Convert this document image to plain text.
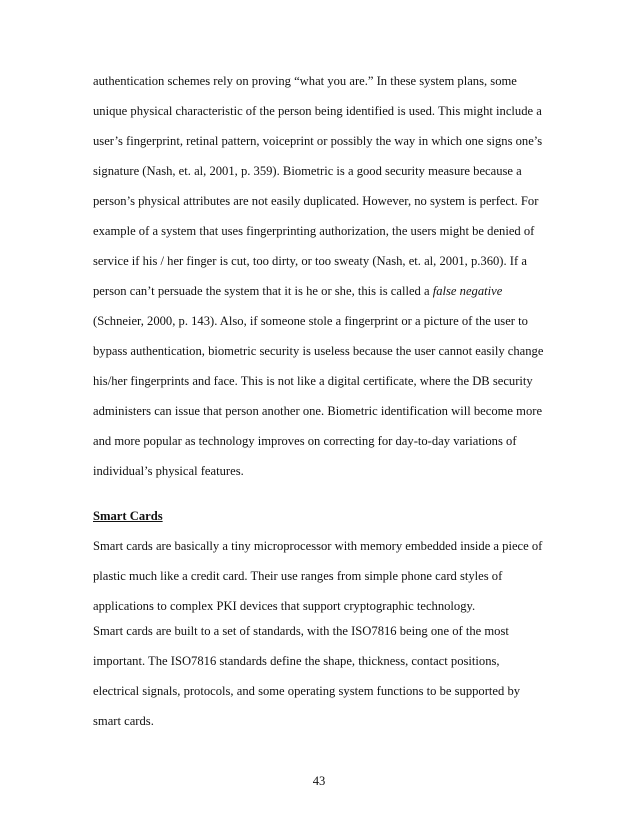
authentication schemes rely on proving “what you are.” In these system plans, some
unique physical characteristic of the person being identified is used. This might include a
user’s fingerprint, retinal pattern, voiceprint or possibly the way in which one signs one’s
signature (Nash, et. al, 2001, p. 359). Biometric is a good security measure because a
person’s physical attributes are not easily duplicated. However, no system is perfect. For
example of a system that uses fingerprinting authorization, the users might be denied of
service if his / her finger is cut, too dirty, or too sweaty (Nash, et. al, 2001, p.360). If a
person can’t persuade the system that it is he or she, this is called a false negative
(Schneier, 2000, p. 143). Also, if someone stole a fingerprint or a picture of the user to
bypass authentication, biometric security is useless because the user cannot easily change
his/her fingerprints and face. This is not like a digital certificate, where the DB security
administers can issue that person another one. Biometric identification will become more
and more popular as technology improves on correcting for day-to-day variations of
individual’s physical features.
Smart Cards
Smart cards are basically a tiny microprocessor with memory embedded inside a piece of
plastic much like a credit card. Their use ranges from simple phone card styles of
applications to complex PKI devices that support cryptographic technology.
Smart cards are built to a set of standards, with the ISO7816 being one of the most
important. The ISO7816 standards define the shape, thickness, contact positions,
electrical signals, protocols, and some operating system functions to be supported by
smart cards.
43
